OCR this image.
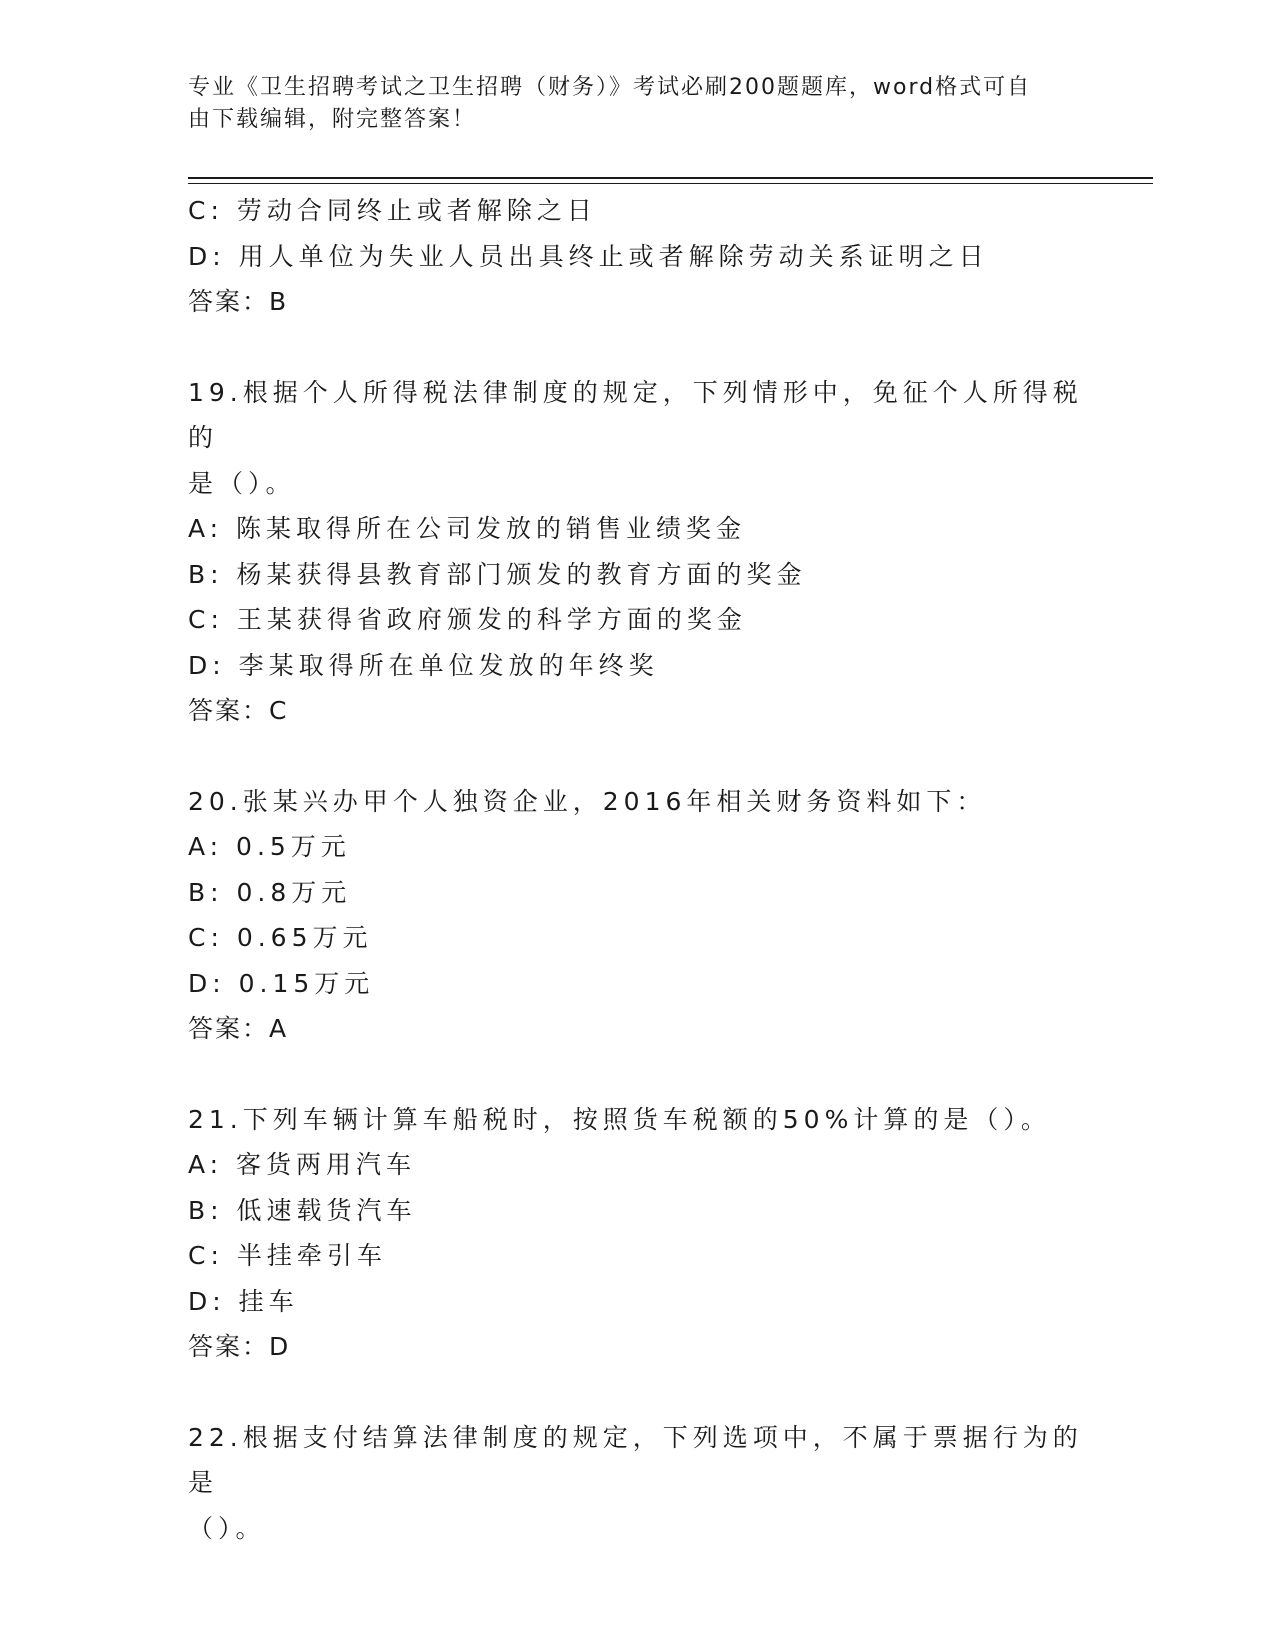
专业《卫生招聘考试之卫生招聘（财务）》考试必刷200题题库，word格式可自
由下载编辑，附完整答案！
C: 劳动合同终止或者解除之日
D: 用人单位为失业人员出具终止或者解除劳动关系证明之日
答案：B
19.根据个人所得税法律制度的规定，下列情形中，免征个人所得税的
是（）。
A: 陈某取得所在公司发放的销售业绩奖金
B: 杨某获得县教育部门颁发的教育方面的奖金
C: 王某获得省政府颁发的科学方面的奖金
D: 李某取得所在单位发放的年终奖
答案：C
20.张某兴办甲个人独资企业，2016年相关财务资料如下：
A: 0.5万元
B: 0.8万元
C: 0.65万元
D: 0.15万元
答案：A
21.下列车辆计算车船税时，按照货车税额的50%计算的是（）。
A: 客货两用汽车
B: 低速载货汽车
C: 半挂牵引车
D: 挂车
答案：D
22.根据支付结算法律制度的规定，下列选项中，不属于票据行为的是
（）。
